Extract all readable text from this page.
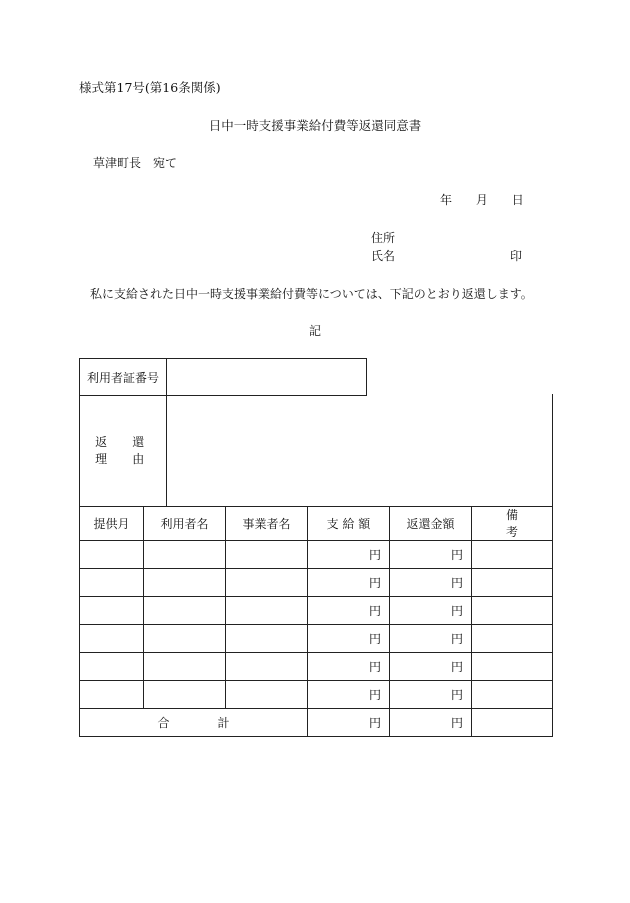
様式第17号(第16条関係)
日中一時支援事業給付費等返還同意書
草津町長　宛て
年 月 日
住所
氏名	印
私に支給された日中一時支援事業給付費等については、下記のとおり返還します。
記
利用者証番号	
返　還　理　由	
提供月	利用者名	事業者名	支 給 額	返還金額	備　考
			円	円	
			円	円	
			円	円	
			円	円	
			円	円	
			円	円	
合 計			円	円	
